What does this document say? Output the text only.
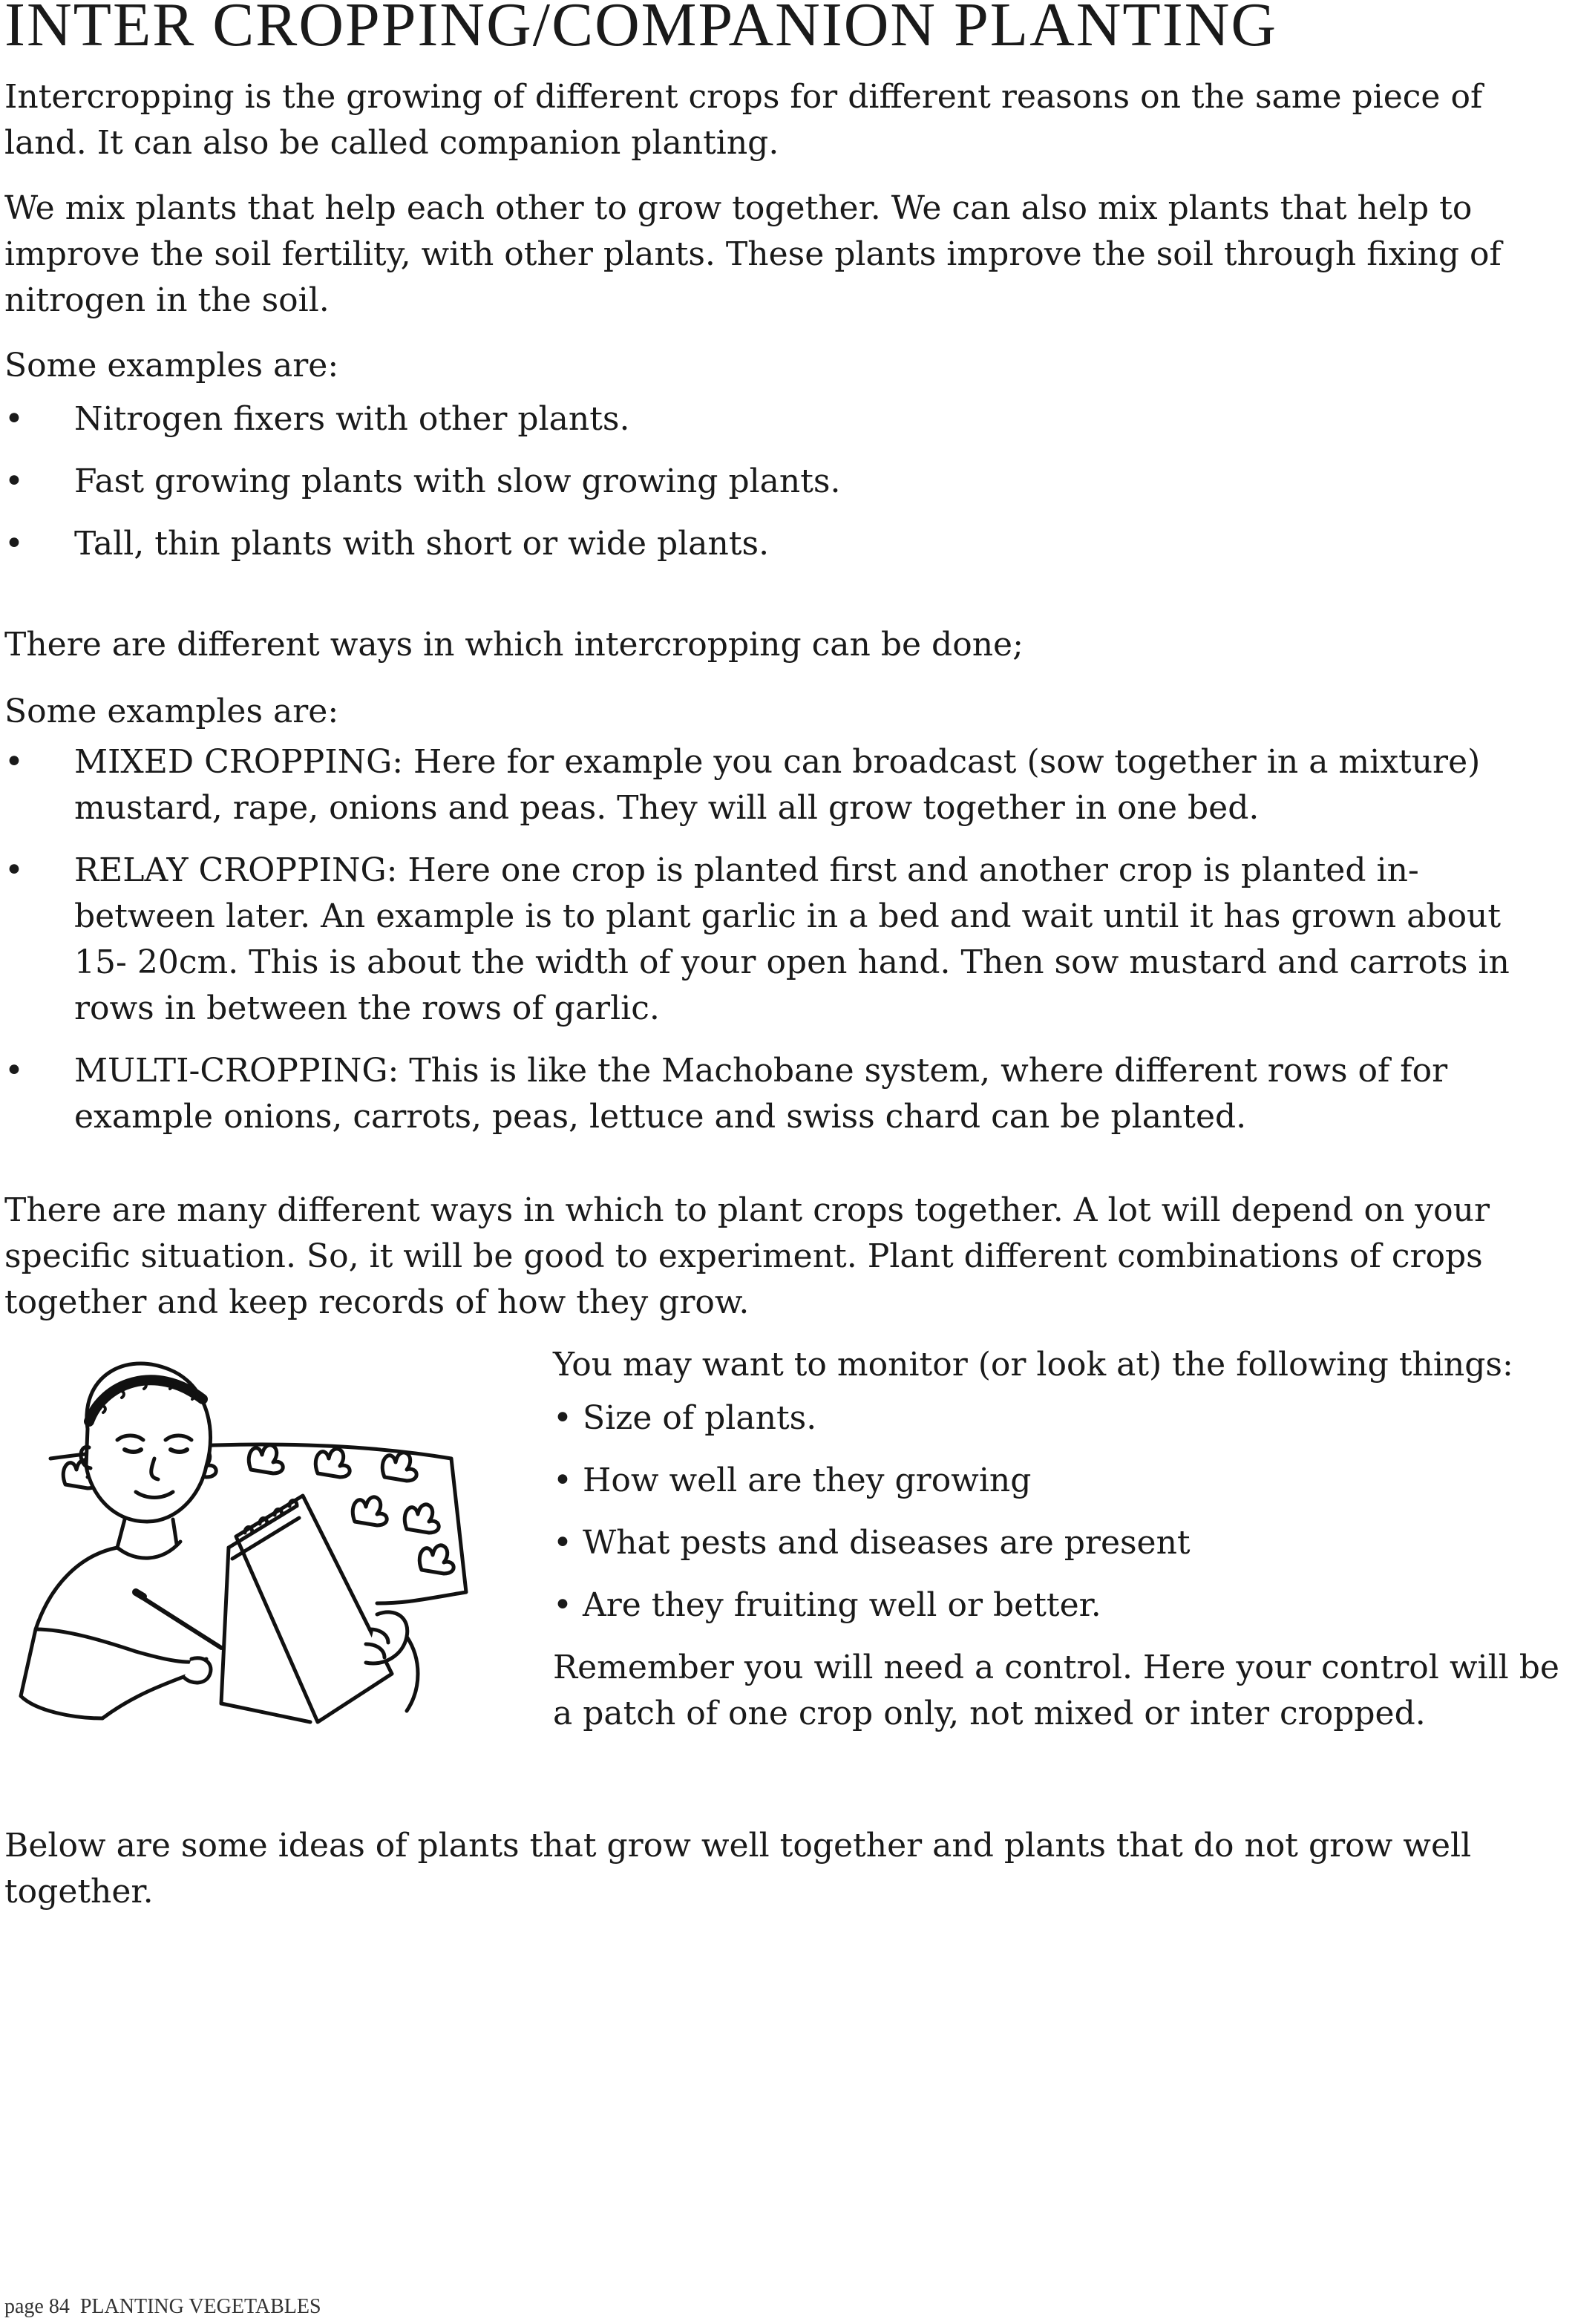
INTER CROPPING/COMPANION PLANTING

Intercropping is the growing of different crops for different reasons on the same piece of land. It can also be called companion planting.

We mix plants that help each other to grow together. We can also mix plants that help to improve the soil fertility, with other plants. These plants improve the soil through fixing of nitrogen in the soil.

Some examples are:

• Nitrogen fixers with other plants.
• Fast growing plants with slow growing plants.
• Tall, thin plants with short or wide plants.

There are different ways in which intercropping can be done;

Some examples are:

• MIXED CROPPING: Here for example you can broadcast (sow together in a mixture) mustard, rape, onions and peas. They will all grow together in one bed.
• RELAY CROPPING: Here one crop is planted first and another crop is planted in- between later. An example is to plant garlic in a bed and wait until it has grown about 15- 20cm. This is about the width of your open hand. Then sow mustard and carrots in rows in between the rows of garlic.
• MULTI-CROPPING: This is like the Machobane system, where different rows of for example onions, carrots, peas, lettuce and swiss chard can be planted.

There are many different ways in which to plant crops together. A lot will depend on your specific situation. So, it will be good to experiment. Plant different combinations of crops together and keep records of how they grow.

You may want to monitor (or look at) the following things:

• Size of plants.
• How well are they growing
• What pests and diseases are present
• Are they fruiting well or better.

Remember you will need a control. Here your control will be a patch of one crop only, not mixed or inter cropped.

Below are some ideas of plants that grow well together and plants that do not grow well together.

page 84 PLANTING VEGETABLES
